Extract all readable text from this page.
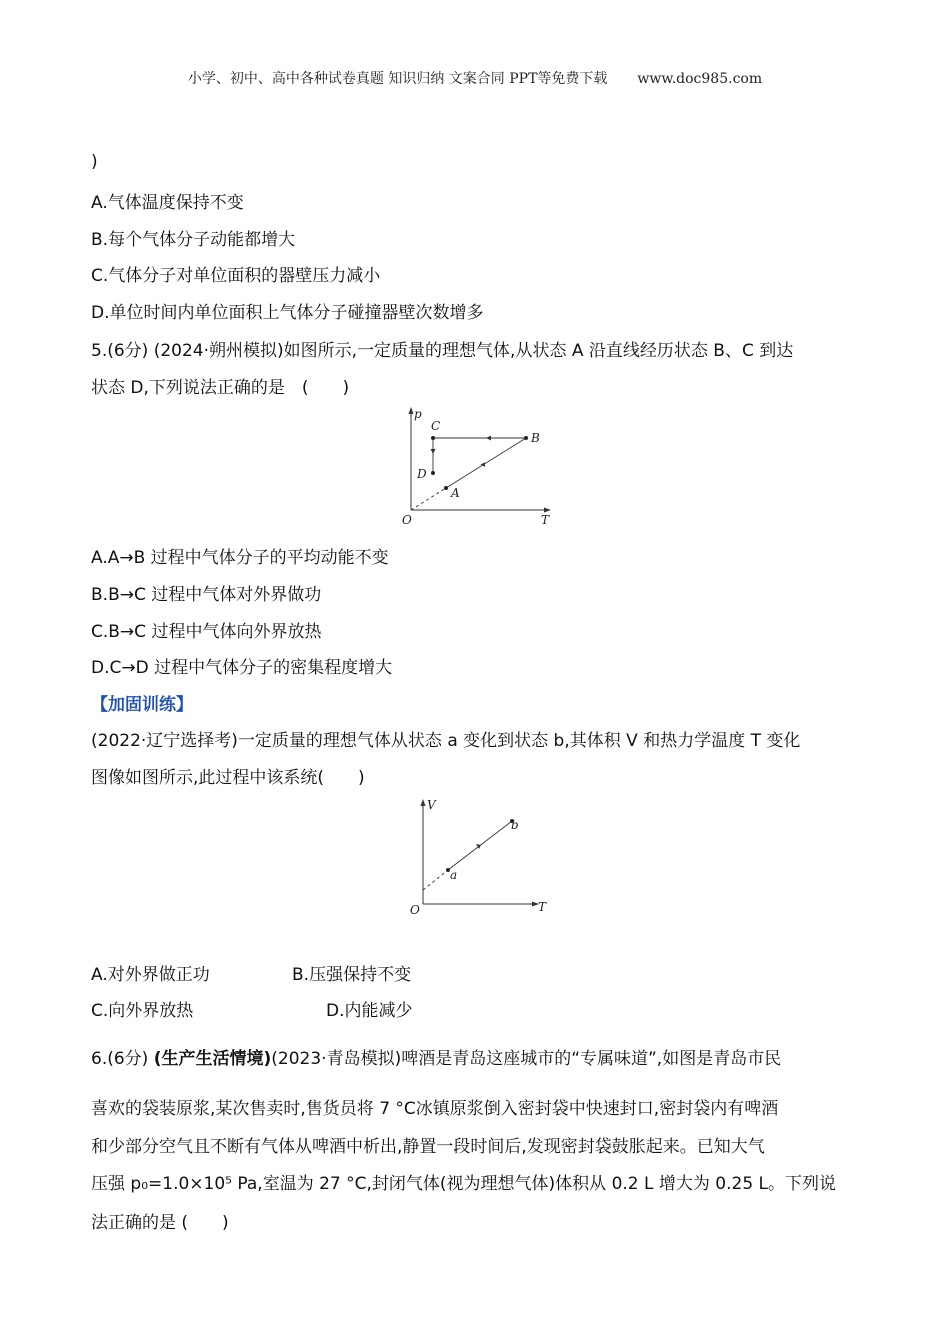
小学、初中、高中各种试卷真题 知识归纳 文案合同 PPT等免费下载 www.doc985.com
)
A.气体温度保持不变
B.每个气体分子动能都增大
C.气体分子对单位面积的器壁压力减小
D.单位时间内单位面积上气体分子碰撞器壁次数增多
5.(6分) (2024·朔州模拟)如图所示,一定质量的理想气体,从状态 A 沿直线经历状态 B、C 到达
状态 D,下列说法正确的是　(　　)
p
T
O
A
B
C
D
A.A→B 过程中气体分子的平均动能不变
B.B→C 过程中气体对外界做功
C.B→C 过程中气体向外界放热
D.C→D 过程中气体分子的密集程度增大
【加固训练】
(2022·辽宁选择考)一定质量的理想气体从状态 a 变化到状态 b,其体积 V 和热力学温度 T 变化
图像如图所示,此过程中该系统(　　)
V
T
O
a
b
A.对外界做正功	B.压强保持不变
C.向外界放热	D.内能减少
6.(6分) (生产生活情境)(2023·青岛模拟)啤酒是青岛这座城市的“专属味道”,如图是青岛市民
喜欢的袋装原浆,某次售卖时,售货员将 7 °C冰镇原浆倒入密封袋中快速封口,密封袋内有啤酒
和少部分空气且不断有气体从啤酒中析出,静置一段时间后,发现密封袋鼓胀起来。已知大气
压强 p₀=1.0×10⁵ Pa,室温为 27 °C,封闭气体(视为理想气体)体积从 0.2 L 增大为 0.25 L。下列说
法正确的是 (　　)
